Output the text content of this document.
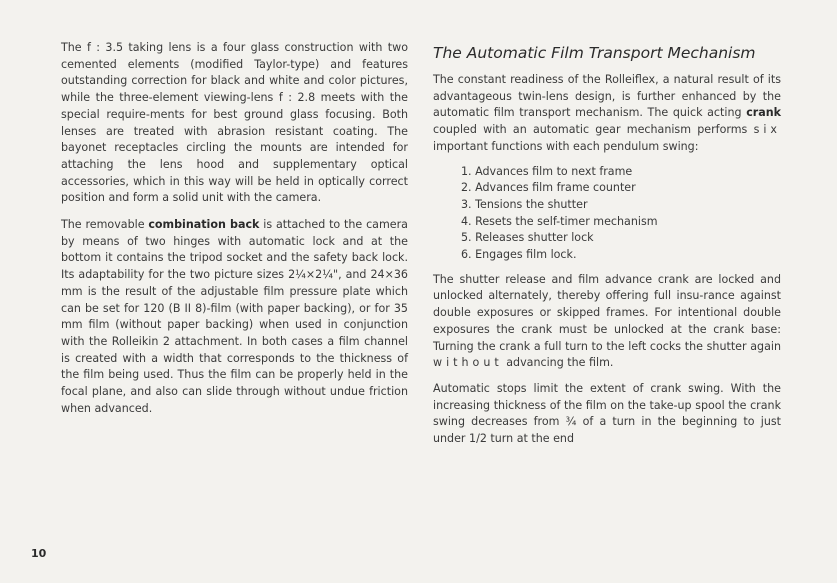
The f : 3.5 taking lens is a four glass construction with two cemented elements (modified Taylor-type) and features outstanding correction for black and white and color pictures, while the three-element viewing-lens f : 2.8 meets with the special require-ments for best ground glass focusing. Both lenses are treated with abrasion resistant coating. The bayonet receptacles circling the mounts are intended for attaching the lens hood and supplementary optical accessories, which in this way will be held in optically correct position and form a solid unit with the camera.

The removable combination back is attached to the camera by means of two hinges with automatic lock and at the bottom it contains the tripod socket and the safety back lock. Its adaptability for the two picture sizes 2¼×2¼", and 24×36 mm is the result of the adjustable film pressure plate which can be set for 120 (B II 8)-film (with paper backing), or for 35 mm film (without paper backing) when used in conjunction with the Rolleikin 2 attachment. In both cases a film channel is created with a width that corresponds to the thickness of the film being used. Thus the film can be properly held in the focal plane, and also can slide through without undue friction when advanced.

The Automatic Film Transport Mechanism

The constant readiness of the Rolleiflex, a natural result of its advantageous twin-lens design, is further enhanced by the automatic film transport mechanism. The quick acting crank coupled with an automatic gear mechanism performs six important functions with each pendulum swing:

1. Advances film to next frame
2. Advances film frame counter
3. Tensions the shutter
4. Resets the self-timer mechanism
5. Releases shutter lock
6. Engages film lock.

The shutter release and film advance crank are locked and unlocked alternately, thereby offering full insu-rance against double exposures or skipped frames. For intentional double exposures the crank must be unlocked at the crank base: Turning the crank a full turn to the left cocks the shutter again without advancing the film.

Automatic stops limit the extent of crank swing. With the increasing thickness of the film on the take-up spool the crank swing decreases from ¾ of a turn in the beginning to just under 1/2 turn at the end

10
